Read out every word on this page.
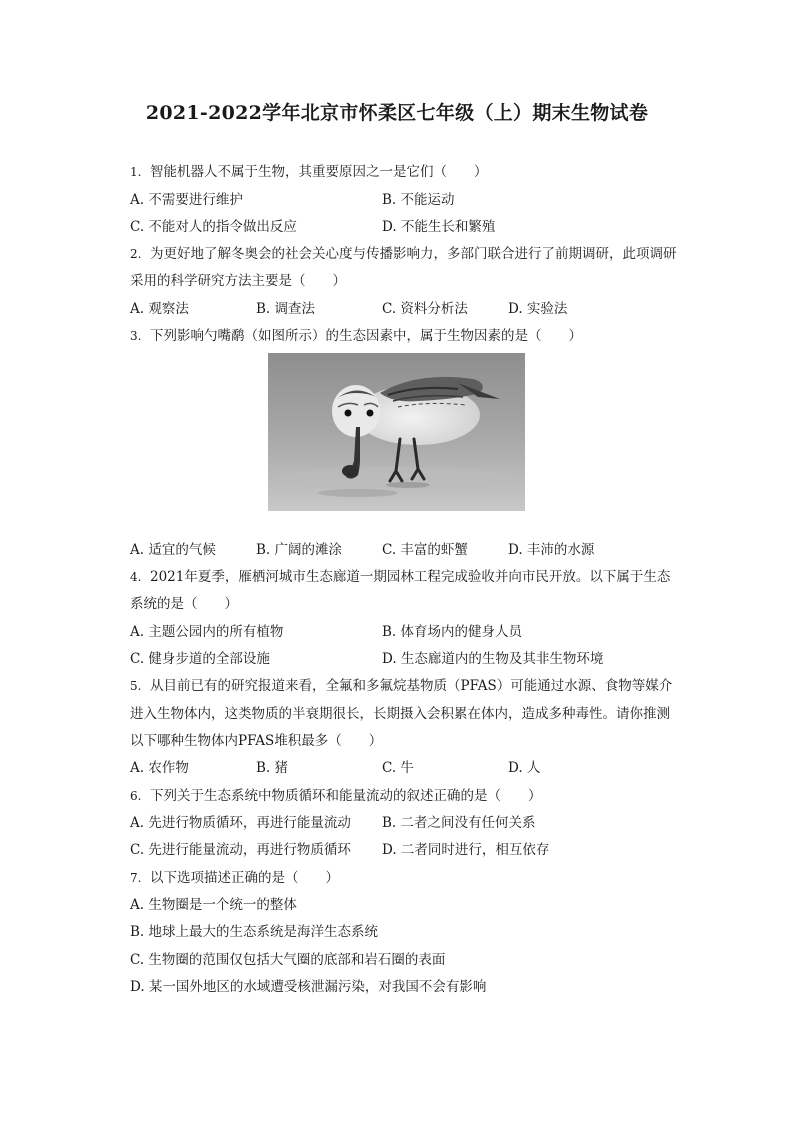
2021-2022学年北京市怀柔区七年级（上）期末生物试卷
1. 智能机器人不属于生物，其重要原因之一是它们（　　）
A. 不需要进行维护	B. 不能运动
C. 不能对人的指令做出反应	D. 不能生长和繁殖
2. 为更好地了解冬奥会的社会关心度与传播影响力，多部门联合进行了前期调研，此项调研
采用的科学研究方法主要是（　　）
A. 观察法	B. 调查法	C. 资料分析法	D. 实验法
3. 下列影响勺嘴鹬（如图所示）的生态因素中，属于生物因素的是（　　）
A. 适宜的气候	B. 广阔的滩涂	C. 丰富的虾蟹	D. 丰沛的水源
4. 2021年夏季，雁栖河城市生态廊道一期园林工程完成验收并向市民开放。以下属于生态
系统的是（　　）
A. 主题公园内的所有植物	B. 体育场内的健身人员
C. 健身步道的全部设施	D. 生态廊道内的生物及其非生物环境
5. 从目前已有的研究报道来看，全氟和多氟烷基物质（PFAS）可能通过水源、食物等媒介
进入生物体内，这类物质的半衰期很长，长期摄入会积累在体内，造成多种毒性。请你推测
以下哪种生物体内PFAS堆积最多（　　）
A. 农作物	B. 猪	C. 牛	D. 人
6. 下列关于生态系统中物质循环和能量流动的叙述正确的是（　　）
A. 先进行物质循环，再进行能量流动 B. 二者之间没有任何关系
C. 先进行能量流动，再进行物质循环 D. 二者同时进行，相互依存
7. 以下选项描述正确的是（　　）
A. 生物圈是一个统一的整体
B. 地球上最大的生态系统是海洋生态系统
C. 生物圈的范围仅包括大气圈的底部和岩石圈的表面
D. 某一国外地区的水域遭受核泄漏污染，对我国不会有影响
